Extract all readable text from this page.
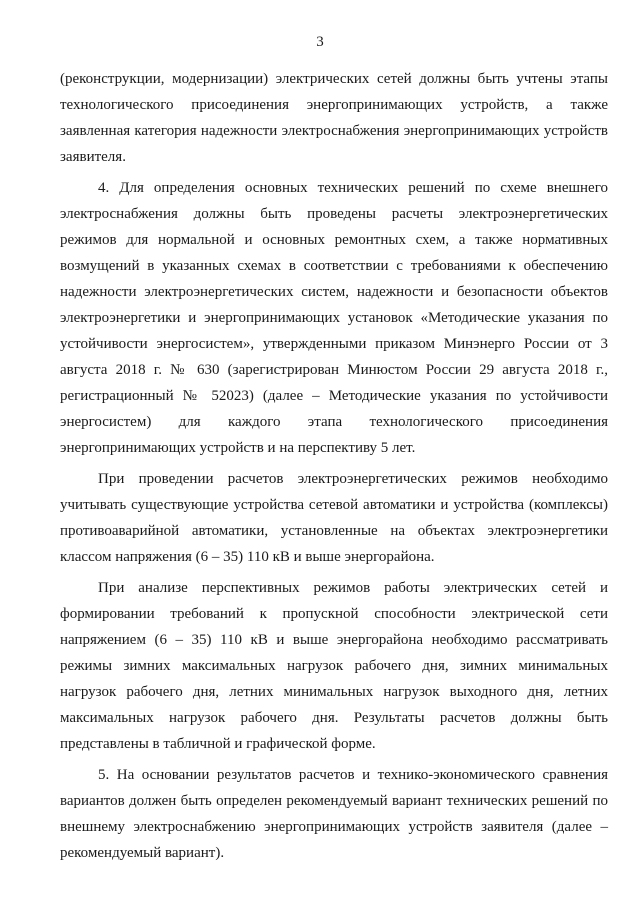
3

(реконструкции, модернизации) электрических сетей должны быть учтены этапы технологического присоединения энергопринимающих устройств, а также заявленная категория надежности электроснабжения энергопринимающих устройств заявителя.

4. Для определения основных технических решений по схеме внешнего электроснабжения должны быть проведены расчеты электроэнергетических режимов для нормальной и основных ремонтных схем, а также нормативных возмущений в указанных схемах в соответствии с требованиями к обеспечению надежности электроэнергетических систем, надежности и безопасности объектов электроэнергетики и энергопринимающих установок «Методические указания по устойчивости энергосистем», утвержденными приказом Минэнерго России от 3 августа 2018 г. № 630 (зарегистрирован Минюстом России 29 августа 2018 г., регистрационный № 52023) (далее – Методические указания по устойчивости энергосистем) для каждого этапа технологического присоединения энергопринимающих устройств и на перспективу 5 лет.

При проведении расчетов электроэнергетических режимов необходимо учитывать существующие устройства сетевой автоматики и устройства (комплексы) противоаварийной автоматики, установленные на объектах электроэнергетики классом напряжения (6 – 35) 110 кВ и выше энергорайона.

При анализе перспективных режимов работы электрических сетей и формировании требований к пропускной способности электрической сети напряжением (6 – 35) 110 кВ и выше энергорайона необходимо рассматривать режимы зимних максимальных нагрузок рабочего дня, зимних минимальных нагрузок рабочего дня, летних минимальных нагрузок выходного дня, летних максимальных нагрузок рабочего дня. Результаты расчетов должны быть представлены в табличной и графической форме.

5. На основании результатов расчетов и технико-экономического сравнения вариантов должен быть определен рекомендуемый вариант технических решений по внешнему электроснабжению энергопринимающих устройств заявителя (далее – рекомендуемый вариант).
